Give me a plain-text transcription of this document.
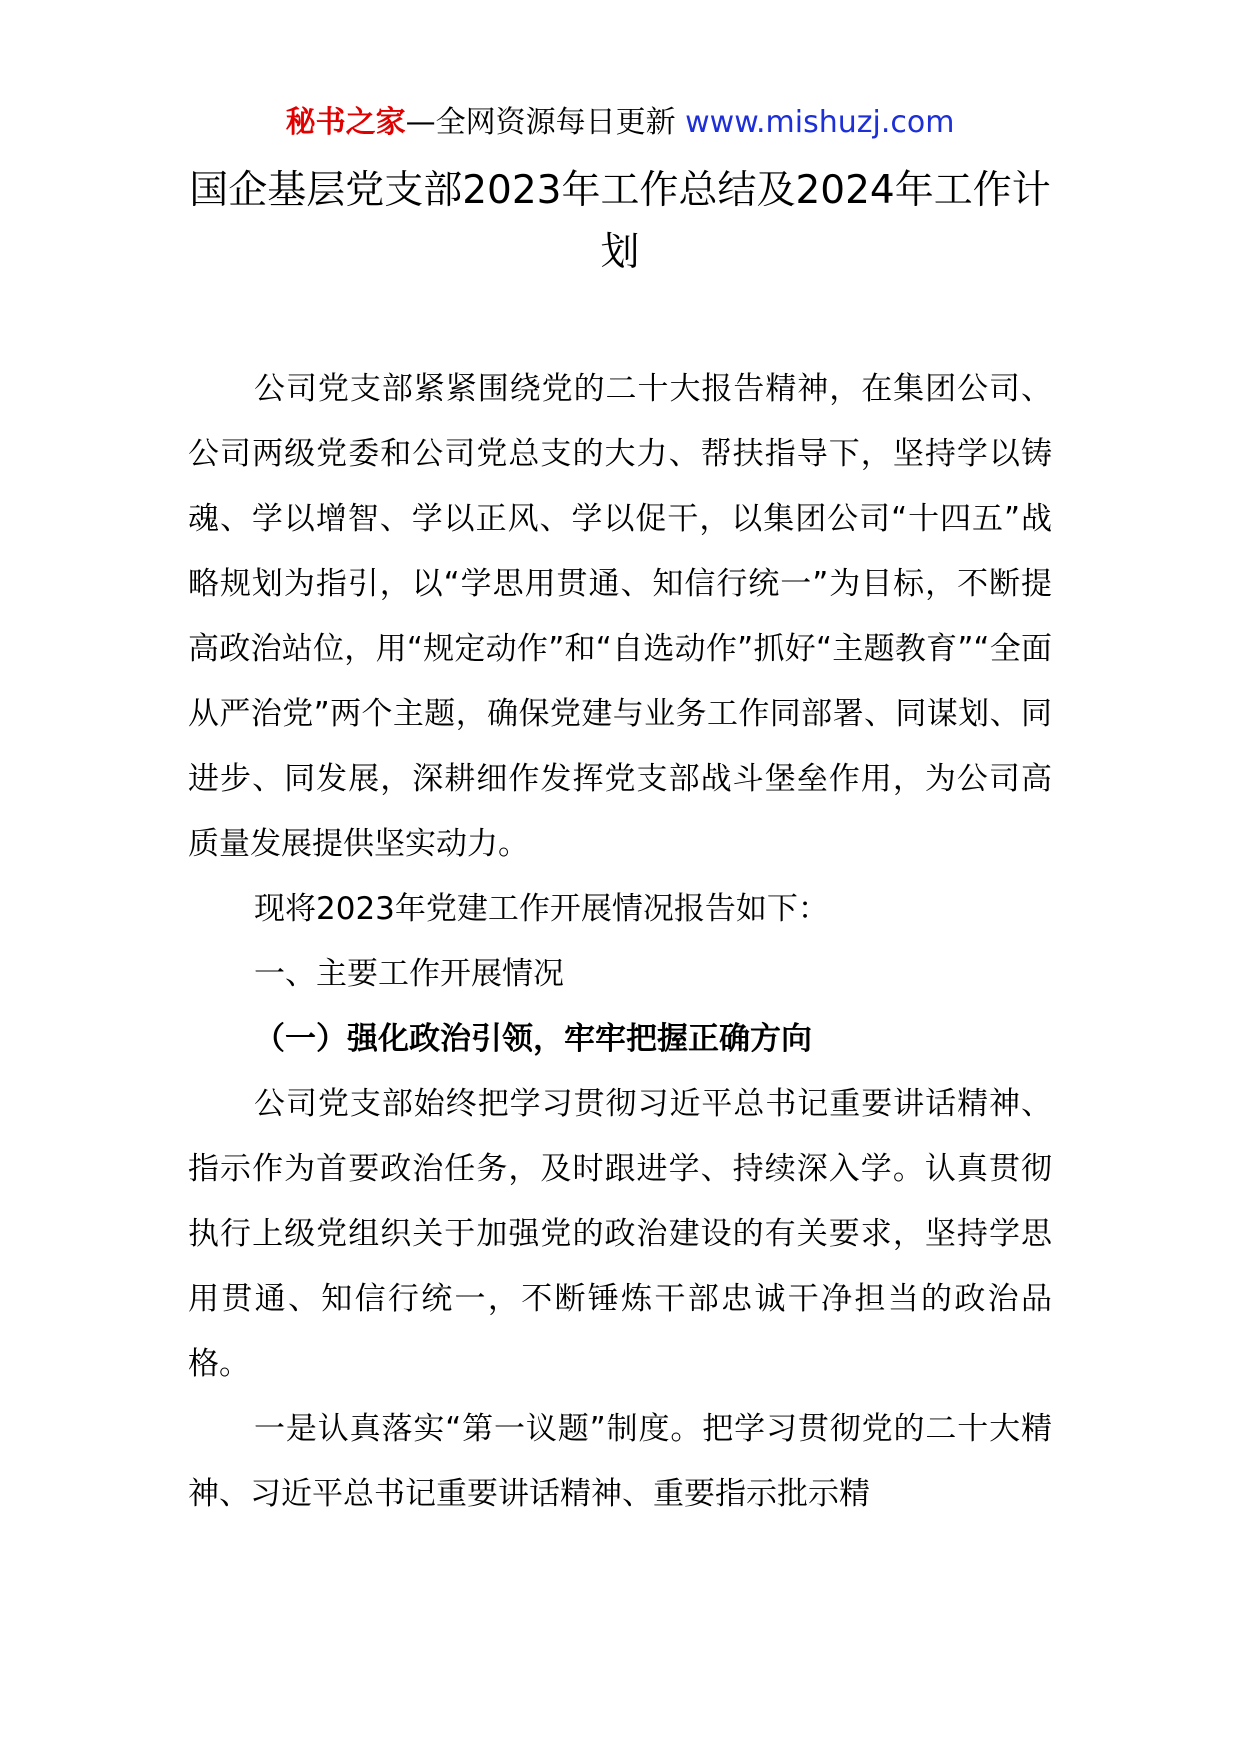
秘书之家—全网资源每日更新 www.mishuzj.com
国企基层党支部2023年工作总结及2024年工作计划

公司党支部紧紧围绕党的二十大报告精神，在集团公司、公司两级党委和公司党总支的大力、帮扶指导下，坚持学以铸魂、学以增智、学以正风、学以促干，以集团公司“十四五”战略规划为指引，以“学思用贯通、知信行统一”为目标，不断提高政治站位，用“规定动作”和“自选动作”抓好“主题教育”“全面从严治党”两个主题，确保党建与业务工作同部署、同谋划、同进步、同发展，深耕细作发挥党支部战斗堡垒作用，为公司高质量发展提供坚实动力。

现将2023年党建工作开展情况报告如下：

一、主要工作开展情况

（一）强化政治引领，牢牢把握正确方向

公司党支部始终把学习贯彻习近平总书记重要讲话精神、指示作为首要政治任务，及时跟进学、持续深入学。认真贯彻执行上级党组织关于加强党的政治建设的有关要求，坚持学思用贯通、知信行统一，不断锤炼干部忠诚干净担当的政治品格。

一是认真落实“第一议题”制度。把学习贯彻党的二十大精神、习近平总书记重要讲话精神、重要指示批示精
